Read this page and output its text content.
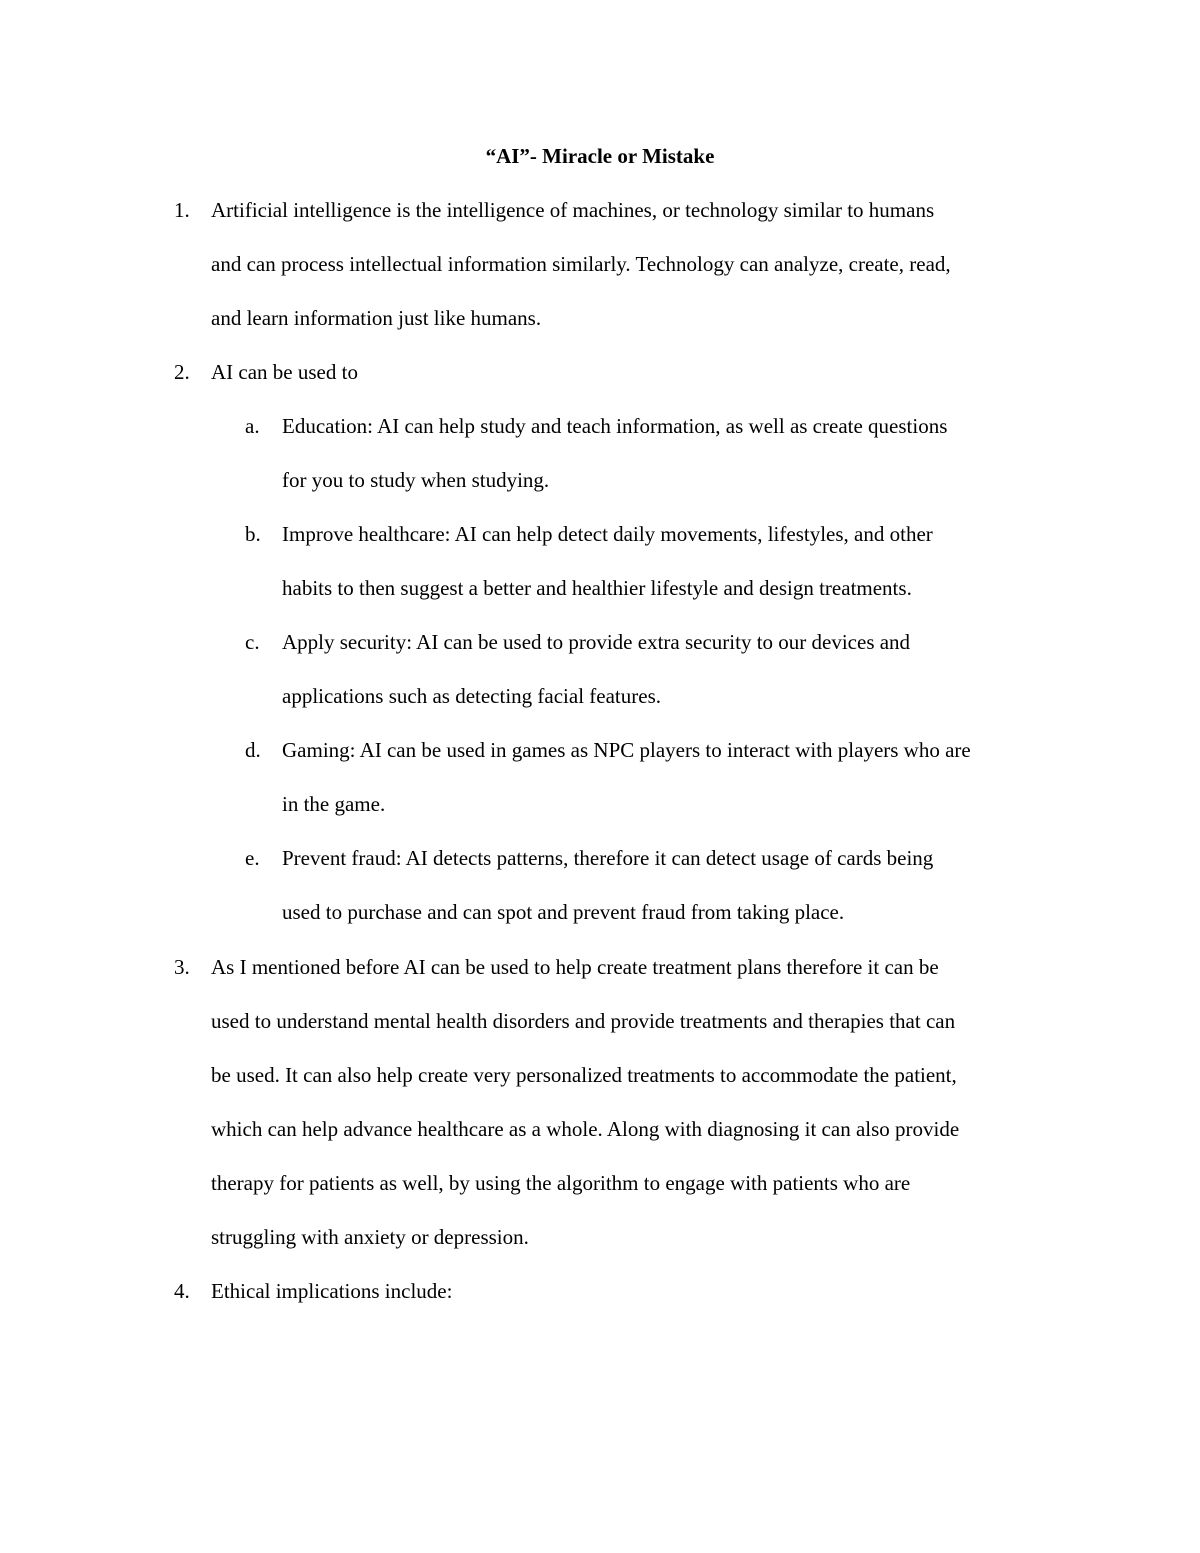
“AI”- Miracle or Mistake
1. Artificial intelligence is the intelligence of machines, or technology similar to humans
and can process intellectual information similarly. Technology can analyze, create, read,
and learn information just like humans.
2. AI can be used to
a. Education: AI can help study and teach information, as well as create questions
for you to study when studying.
b. Improve healthcare: AI can help detect daily movements, lifestyles, and other
habits to then suggest a better and healthier lifestyle and design treatments.
c. Apply security: AI can be used to provide extra security to our devices and
applications such as detecting facial features.
d. Gaming: AI can be used in games as NPC players to interact with players who are
in the game.
e. Prevent fraud: AI detects patterns, therefore it can detect usage of cards being
used to purchase and can spot and prevent fraud from taking place.
3. As I mentioned before AI can be used to help create treatment plans therefore it can be
used to understand mental health disorders and provide treatments and therapies that can
be used. It can also help create very personalized treatments to accommodate the patient,
which can help advance healthcare as a whole. Along with diagnosing it can also provide
therapy for patients as well, by using the algorithm to engage with patients who are
struggling with anxiety or depression.
4. Ethical implications include:
